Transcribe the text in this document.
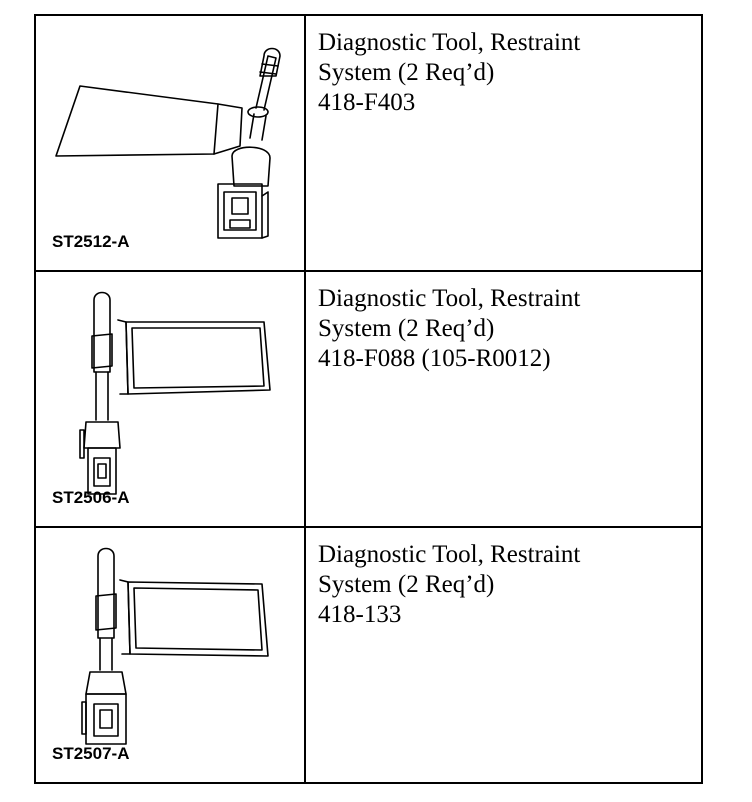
ST2512-A	Diagnostic Tool, Restraint
System (2 Req’d)
418-F403

ST2506-A	Diagnostic Tool, Restraint
System (2 Req’d)
418-F088 (105-R0012)

ST2507-A	Diagnostic Tool, Restraint
System (2 Req’d)
418-133
